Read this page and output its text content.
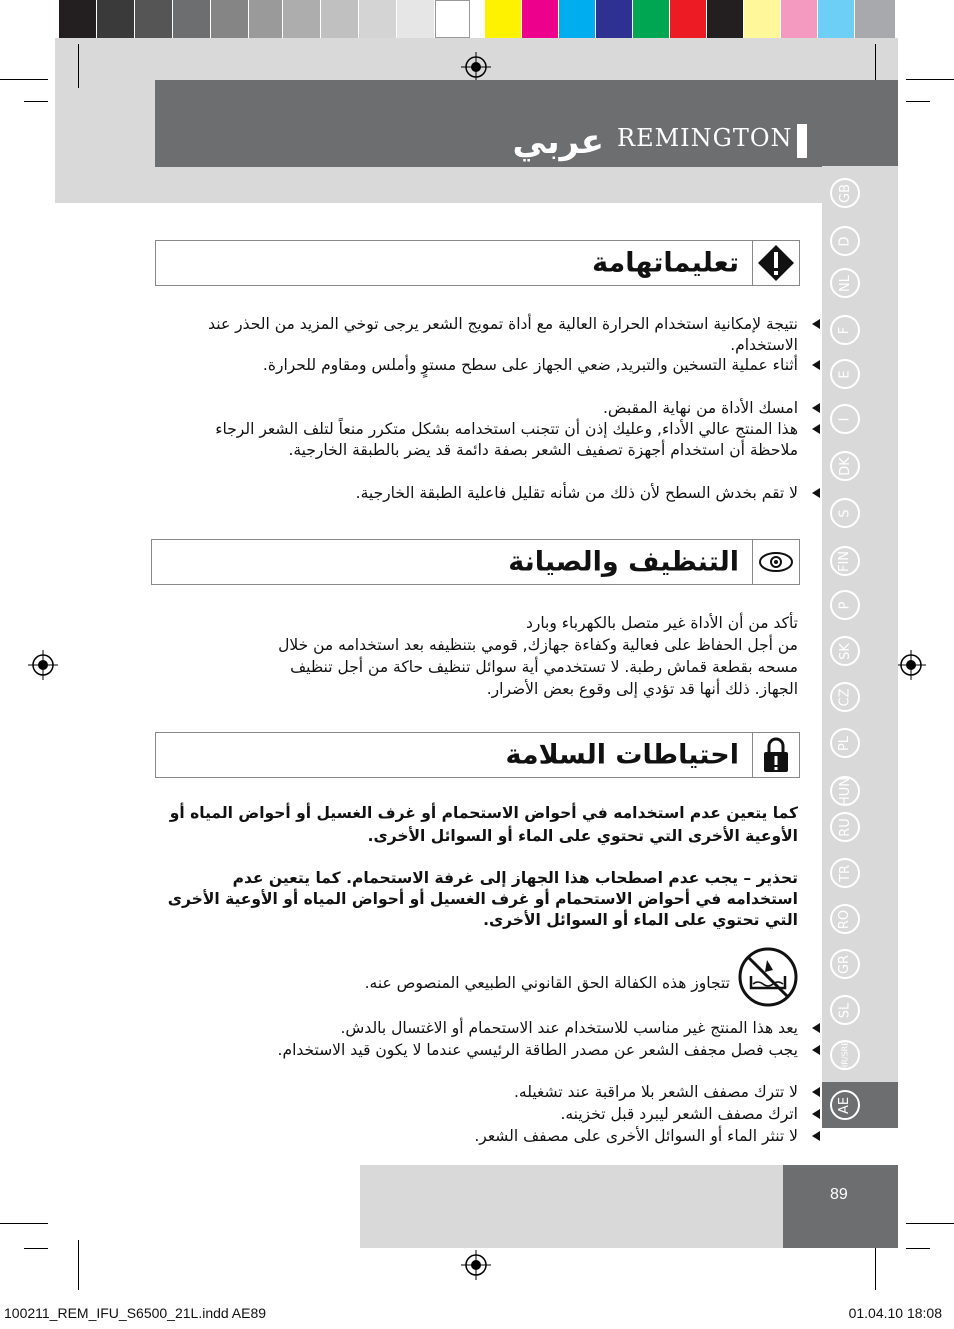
عربي REMINGTON
GB
D
NL
F
E
I
DK
S
FIN
P
SK
CZ
PL
HUN
RU
TR
RO
GR
SL
HR/SRB
AE
تعليماتهامة
نتيجة لإمكانية استخدام الحرارة العالية مع أداة تمويج الشعر يرجى توخي المزيد من الحذر عند الاستخدام.
أثناء عملية التسخين والتبريد, ضعي الجهاز على سطح مستوٍ وأملس ومقاوم للحرارة.
امسك الأداة من نهاية المقبض.
هذا المنتج عالي الأداء, وعليك إذن أن تتجنب استخدامه بشكل متكرر منعاً لتلف الشعر الرجاء ملاحظة أن استخدام أجهزة تصفيف الشعر بصفة دائمة قد يضر بالطبقة الخارجية.
لا تقم بخدش السطح لأن ذلك من شأنه تقليل فاعلية الطبقة الخارجية.
التنظيف والصيانة
تأكد من أن الأداة غير متصل بالكهرباء وبارد
من أجل الحفاظ على فعالية وكفاءة جهازك, قومي بتنظيفه بعد استخدامه من خلال
مسحه بقطعة قماش رطبة. لا تستخدمي أية سوائل تنظيف حاكة من أجل تنظيف
الجهاز. ذلك أنها قد تؤدي إلى وقوع بعض الأضرار.
احتياطات السلامة
كما يتعين عدم استخدامه في أحواض الاستحمام أو غرف الغسيل أو أحواض المياه أو الأوعية الأخرى التي تحتوي على الماء أو السوائل الأخرى.
تحذير – يجب عدم اصطحاب هذا الجهاز إلى غرفة الاستحمام. كما يتعين عدم استخدامه في أحواض الاستحمام أو غرف الغسيل أو أحواض المياه أو الأوعية الأخرى التي تحتوي على الماء أو السوائل الأخرى.
تتجاوز هذه الكفالة الحق القانوني الطبيعي المنصوص عنه.
يعد هذا المنتج غير مناسب للاستخدام عند الاستحمام أو الاغتسال بالدش.
يجب فصل مجفف الشعر عن مصدر الطاقة الرئيسي عندما لا يكون قيد الاستخدام.
لا تترك مصفف الشعر بلا مراقبة عند تشغيله.
اترك مصفف الشعر ليبرد قبل تخزينه.
لا تنثر الماء أو السوائل الأخرى على مصفف الشعر.
89
100211_REM_IFU_S6500_21L.indd AE89	01.04.10 18:08
